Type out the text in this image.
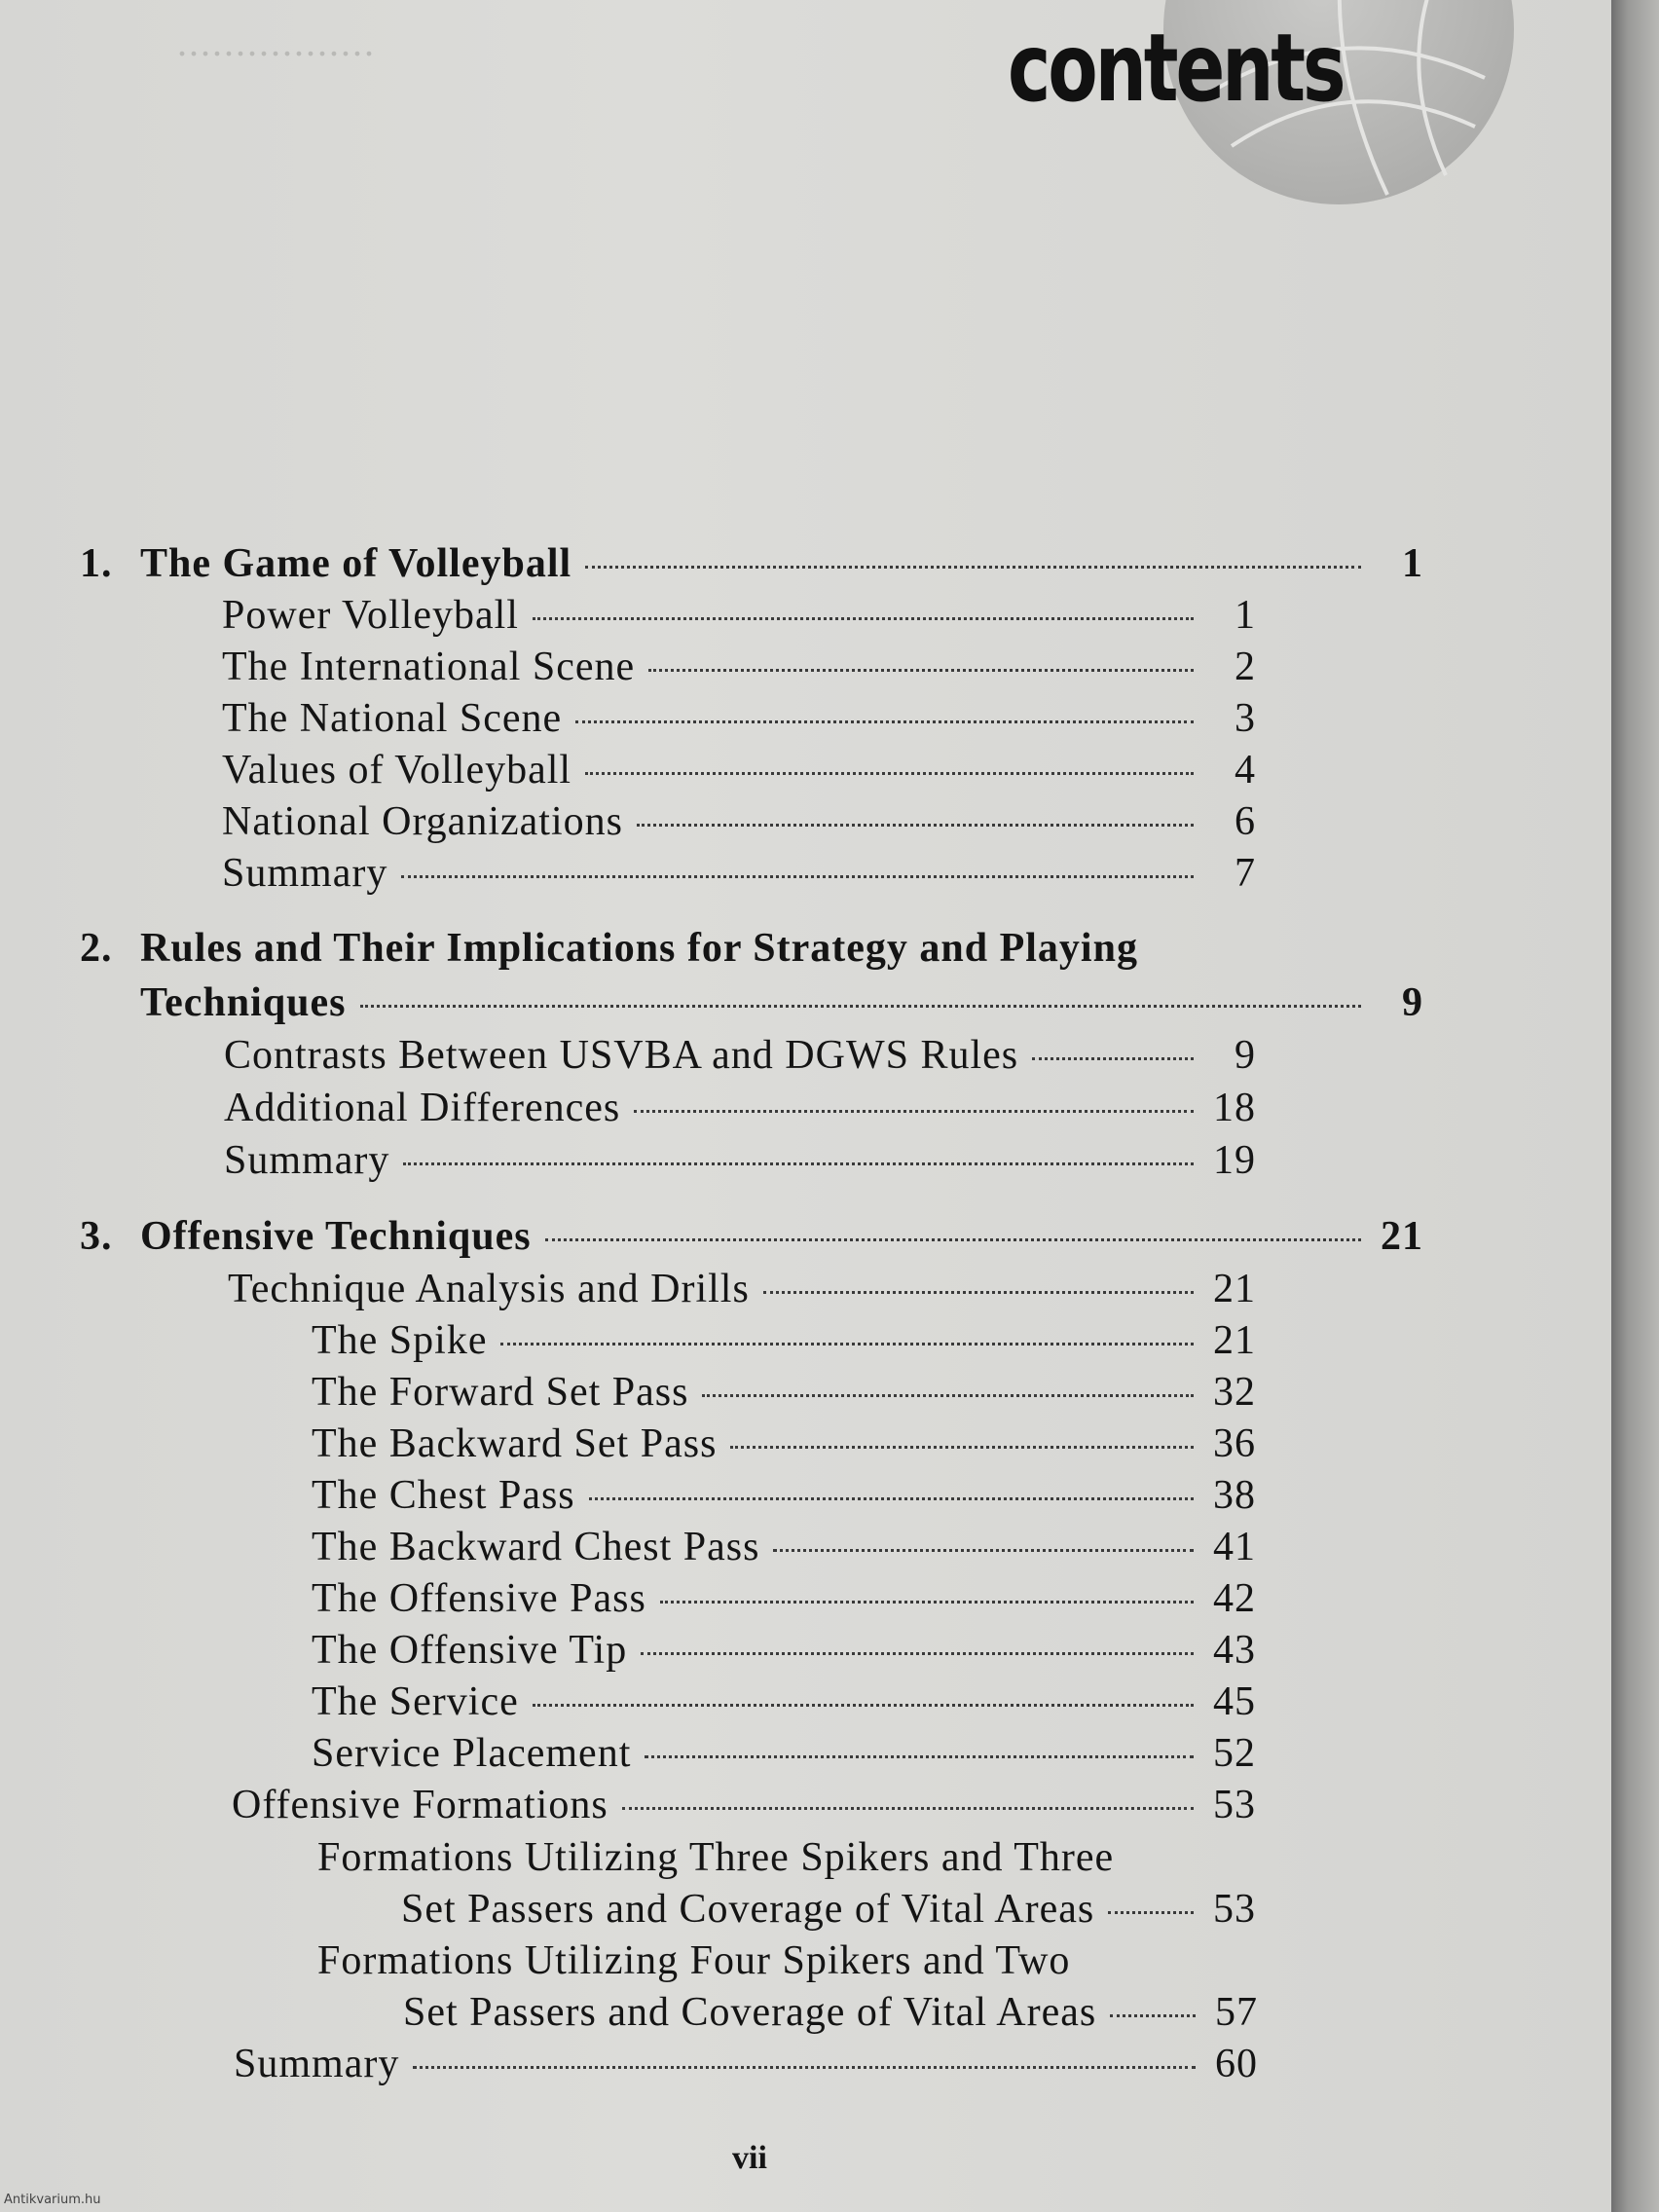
.................	contents
1. The Game of Volleyball	1
Power Volleyball	1
The International Scene	2
The National Scene	3
Values of Volleyball	4
National Organizations	6
Summary	7
2. Rules and Their Implications for Strategy and Playing
Techniques	9
Contrasts Between USVBA and DGWS Rules	9
Additional Differences	18
Summary	19
3. Offensive Techniques	21
Technique Analysis and Drills	21
The Spike	21
The Forward Set Pass	32
The Backward Set Pass	36
The Chest Pass	38
The Backward Chest Pass	41
The Offensive Pass	42
The Offensive Tip	43
The Service	45
Service Placement	52
Offensive Formations	53
Formations Utilizing Three Spikers and Three
Set Passers and Coverage of Vital Areas	53
Formations Utilizing Four Spikers and Two
Set Passers and Coverage of Vital Areas	57
Summary	60
vii
Antikvarium.hu
